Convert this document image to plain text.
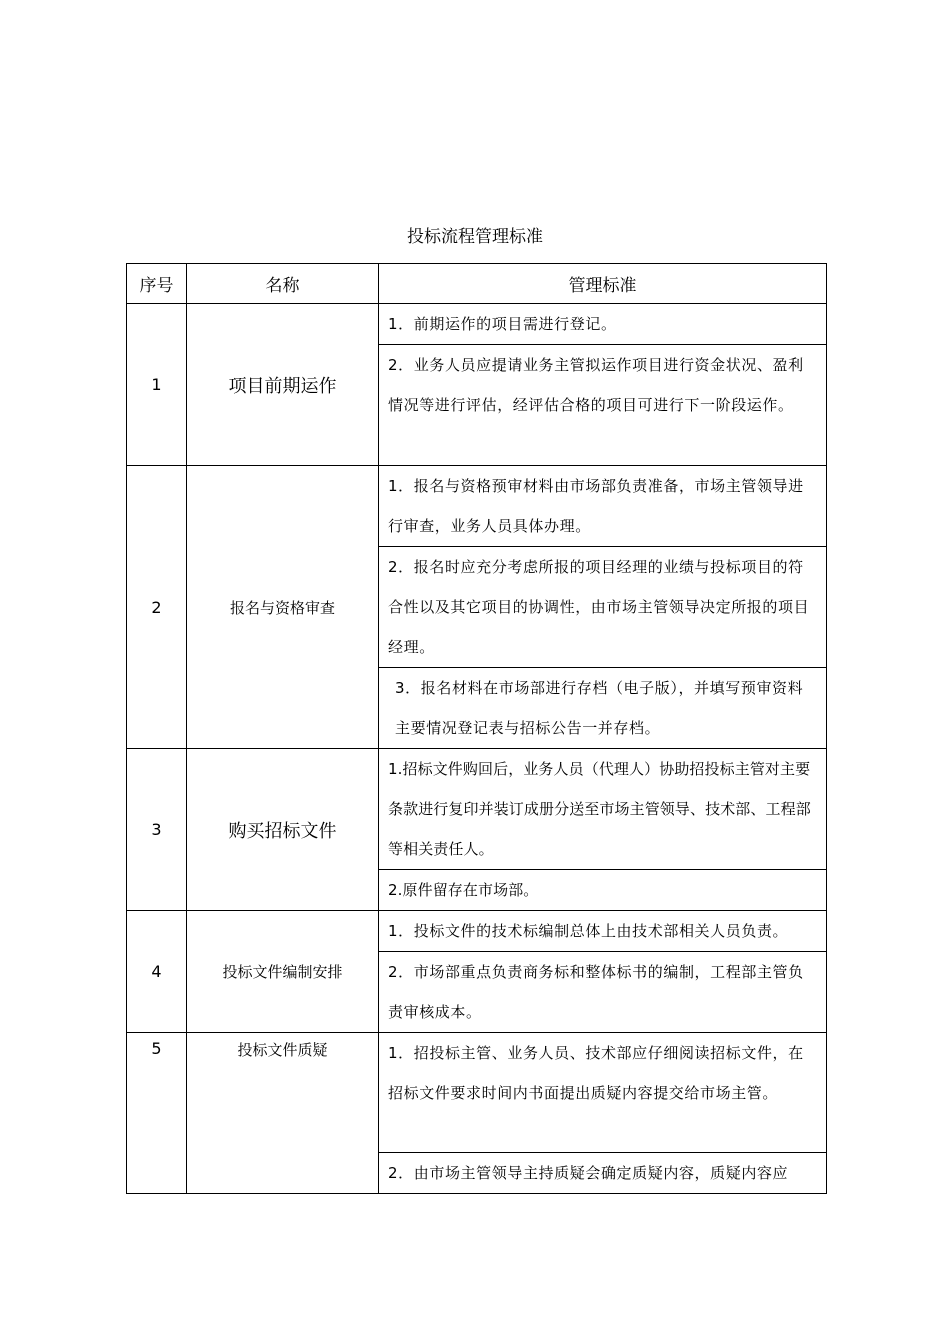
投标流程管理标准
序号	名称	管理标准
1	项目前期运作	1．前期运作的项目需进行登记。
		2．业务人员应提请业务主管拟运作项目进行资金状况、盈利情况等进行评估，经评估合格的项目可进行下一阶段运作。
2	报名与资格审查	1．报名与资格预审材料由市场部负责准备，市场主管领导进行审查，业务人员具体办理。
		2．报名时应充分考虑所报的项目经理的业绩与投标项目的符合性以及其它项目的协调性，由市场主管领导决定所报的项目经理。
		3．报名材料在市场部进行存档（电子版），并填写预审资料主要情况登记表与招标公告一并存档。
3	购买招标文件	1.招标文件购回后，业务人员（代理人）协助招投标主管对主要条款进行复印并装订成册分送至市场主管领导、技术部、工程部等相关责任人。
		2.原件留存在市场部。
4	投标文件编制安排	1．投标文件的技术标编制总体上由技术部相关人员负责。
		2．市场部重点负责商务标和整体标书的编制，工程部主管负责审核成本。
5	投标文件质疑	1．招投标主管、业务人员、技术部应仔细阅读招标文件，在招标文件要求时间内书面提出质疑内容提交给市场主管。
		2．由市场主管领导主持质疑会确定质疑内容，质疑内容应
